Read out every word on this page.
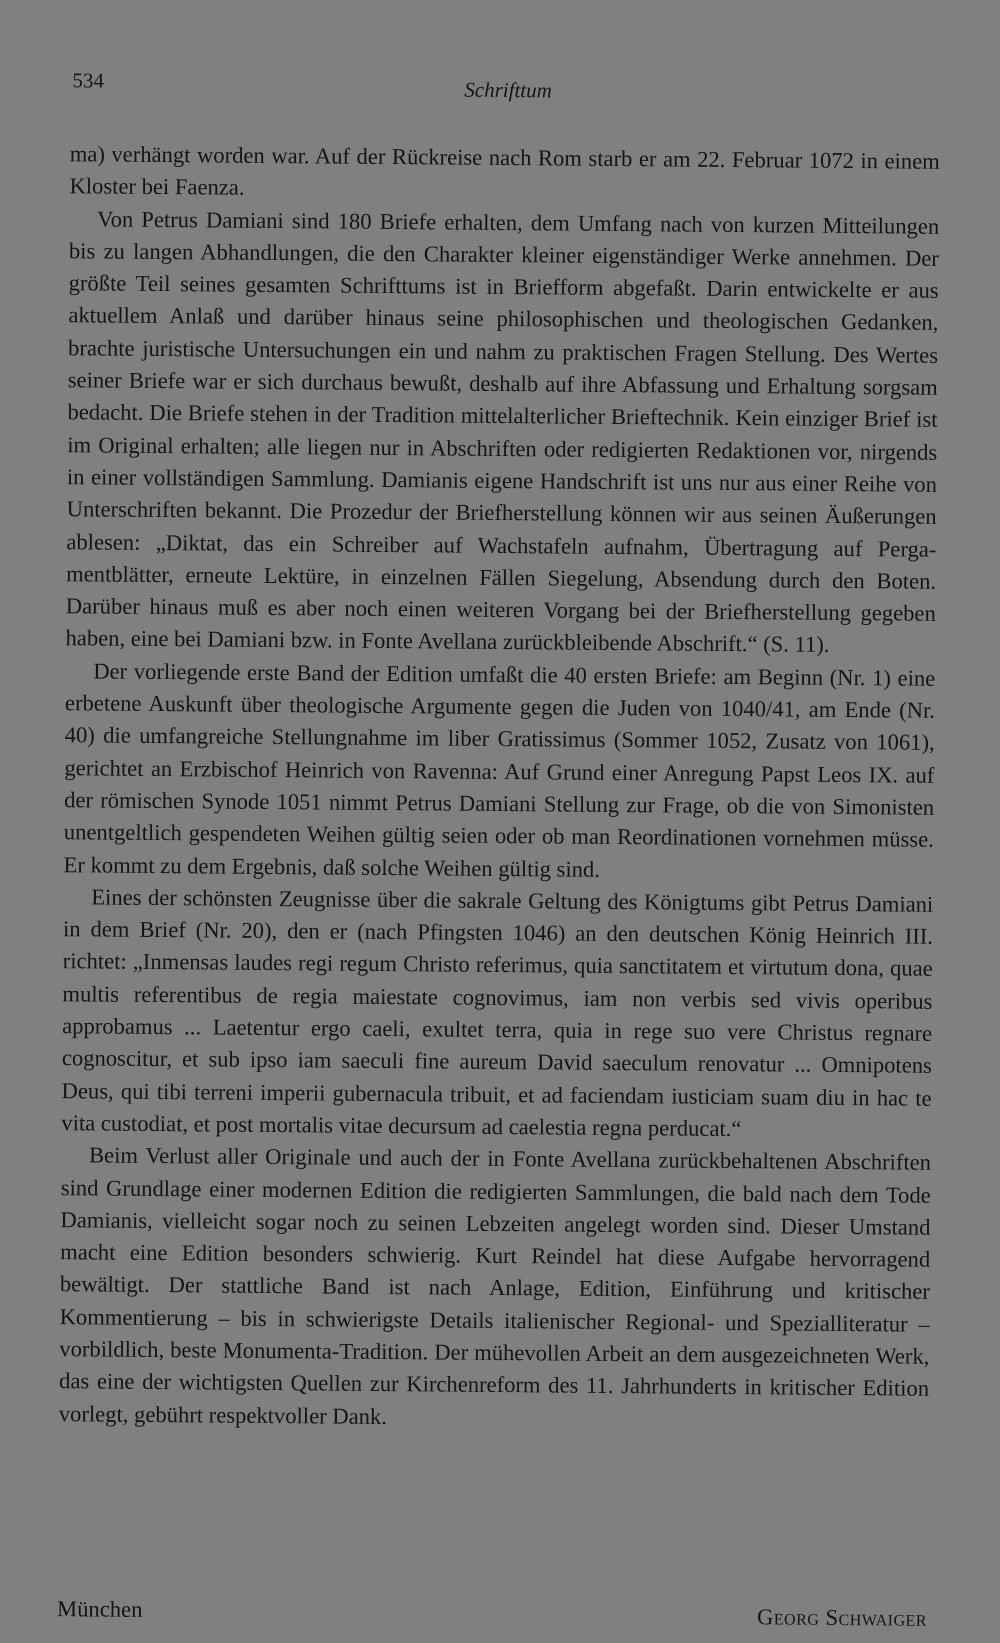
534	Schrifttum

ma) verhängt worden war. Auf der Rückreise nach Rom starb er am 22. Februar 1072 in einem Kloster bei Faenza.

Von Petrus Damiani sind 180 Briefe erhalten, dem Umfang nach von kurzen Mitteilungen bis zu langen Abhandlungen, die den Charakter kleiner eigenständiger Werke annehmen. Der größte Teil seines gesamten Schrifttums ist in Briefform abgefaßt. Darin entwickelte er aus aktuellem Anlaß und darüber hinaus seine philosophischen und theologischen Gedanken, brachte juristische Untersuchungen ein und nahm zu praktischen Fragen Stellung. Des Wertes seiner Briefe war er sich durchaus bewußt, deshalb auf ihre Abfassung und Erhaltung sorgsam bedacht. Die Briefe stehen in der Tradition mittelalterlicher Brieftechnik. Kein einziger Brief ist im Original erhalten; alle liegen nur in Abschriften oder redigierten Redaktionen vor, nirgends in einer vollständigen Sammlung. Damianis eigene Handschrift ist uns nur aus einer Reihe von Unterschriften bekannt. Die Prozedur der Briefherstellung können wir aus seinen Äußerungen ablesen: „Diktat, das ein Schreiber auf Wachstafeln aufnahm, Übertragung auf Pergamentblätter, erneute Lektüre, in einzelnen Fällen Siegelung, Absendung durch den Boten. Darüber hinaus muß es aber noch einen weiteren Vorgang bei der Briefherstellung gegeben haben, eine bei Damiani bzw. in Fonte Avellana zurückbleibende Abschrift.“ (S. 11).

Der vorliegende erste Band der Edition umfaßt die 40 ersten Briefe: am Beginn (Nr. 1) eine erbetene Auskunft über theologische Argumente gegen die Juden von 1040/41, am Ende (Nr. 40) die umfangreiche Stellungnahme im liber Gratissimus (Sommer 1052, Zusatz von 1061), gerichtet an Erzbischof Heinrich von Ravenna: Auf Grund einer Anregung Papst Leos IX. auf der römischen Synode 1051 nimmt Petrus Damiani Stellung zur Frage, ob die von Simonisten unentgeltlich gespendeten Weihen gültig seien oder ob man Reordinationen vornehmen müsse. Er kommt zu dem Ergebnis, daß solche Weihen gültig sind.

Eines der schönsten Zeugnisse über die sakrale Geltung des Königtums gibt Petrus Damiani in dem Brief (Nr. 20), den er (nach Pfingsten 1046) an den deutschen König Heinrich III. richtet: „Inmensas laudes regi regum Christo referimus, quia sanctitatem et virtutum dona, quae multis referentibus de regia maiestate cognovimus, iam non verbis sed vivis operibus approbamus ... Laetentur ergo caeli, exultet terra, quia in rege suo vere Christus regnare cognoscitur, et sub ipso iam saeculi fine aureum David saeculum renovatur ... Omnipotens Deus, qui tibi terreni imperii gubernacula tribuit, et ad faciendam iusticiam suam diu in hac te vita custodiat, et post mortalis vitae decursum ad caelestia regna perducat.“

Beim Verlust aller Originale und auch der in Fonte Avellana zurückbehaltenen Abschriften sind Grundlage einer modernen Edition die redigierten Sammlungen, die bald nach dem Tode Damianis, vielleicht sogar noch zu seinen Lebzeiten angelegt worden sind. Dieser Umstand macht eine Edition besonders schwierig. Kurt Reindel hat diese Aufgabe hervorragend bewältigt. Der stattliche Band ist nach Anlage, Edition, Einführung und kritischer Kommentierung – bis in schwierigste Details italienischer Regional- und Spezialliteratur – vorbildlich, beste Monumenta-Tradition. Der mühevollen Arbeit an dem ausgezeichneten Werk, das eine der wichtigsten Quellen zur Kirchenreform des 11. Jahrhunderts in kritischer Edition vorlegt, gebührt respektvoller Dank.

München	Georg Schwaiger
